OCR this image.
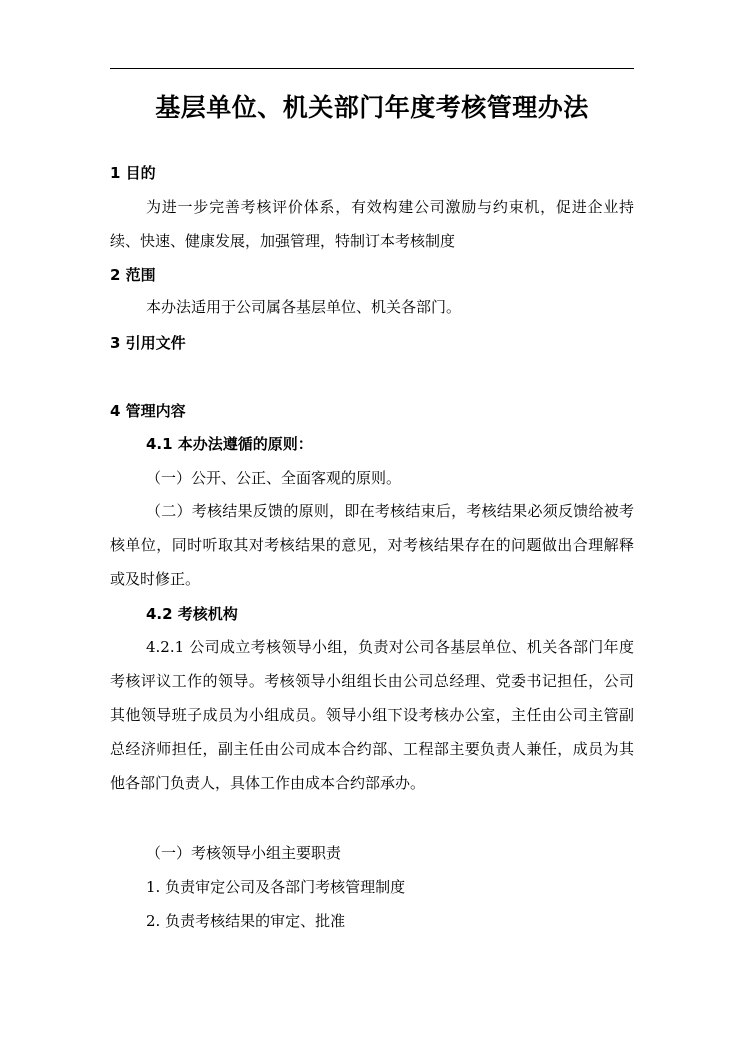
基层单位、机关部门年度考核管理办法
1 目的

为进一步完善考核评价体系，有效构建公司激励与约束机，促进企业持续、快速、健康发展，加强管理，特制订本考核制度

2 范围

本办法适用于公司属各基层单位、机关各部门。

3 引用文件
4 管理内容
4.1 本办法遵循的原则：
（一）公开、公正、全面客观的原则。

（二）考核结果反馈的原则，即在考核结束后，考核结果必须反馈给被考核单位，同时听取其对考核结果的意见，对考核结果存在的问题做出合理解释或及时修正。

4.2 考核机构

4.2.1 公司成立考核领导小组，负责对公司各基层单位、机关各部门年度考核评议工作的领导。考核领导小组组长由公司总经理、党委书记担任，公司其他领导班子成员为小组成员。领导小组下设考核办公室，主任由公司主管副总经济师担任，副主任由公司成本合约部、工程部主要负责人兼任，成员为其他各部门负责人，具体工作由成本合约部承办。

（一）考核领导小组主要职责
1. 负责审定公司及各部门考核管理制度
2. 负责考核结果的审定、批准
